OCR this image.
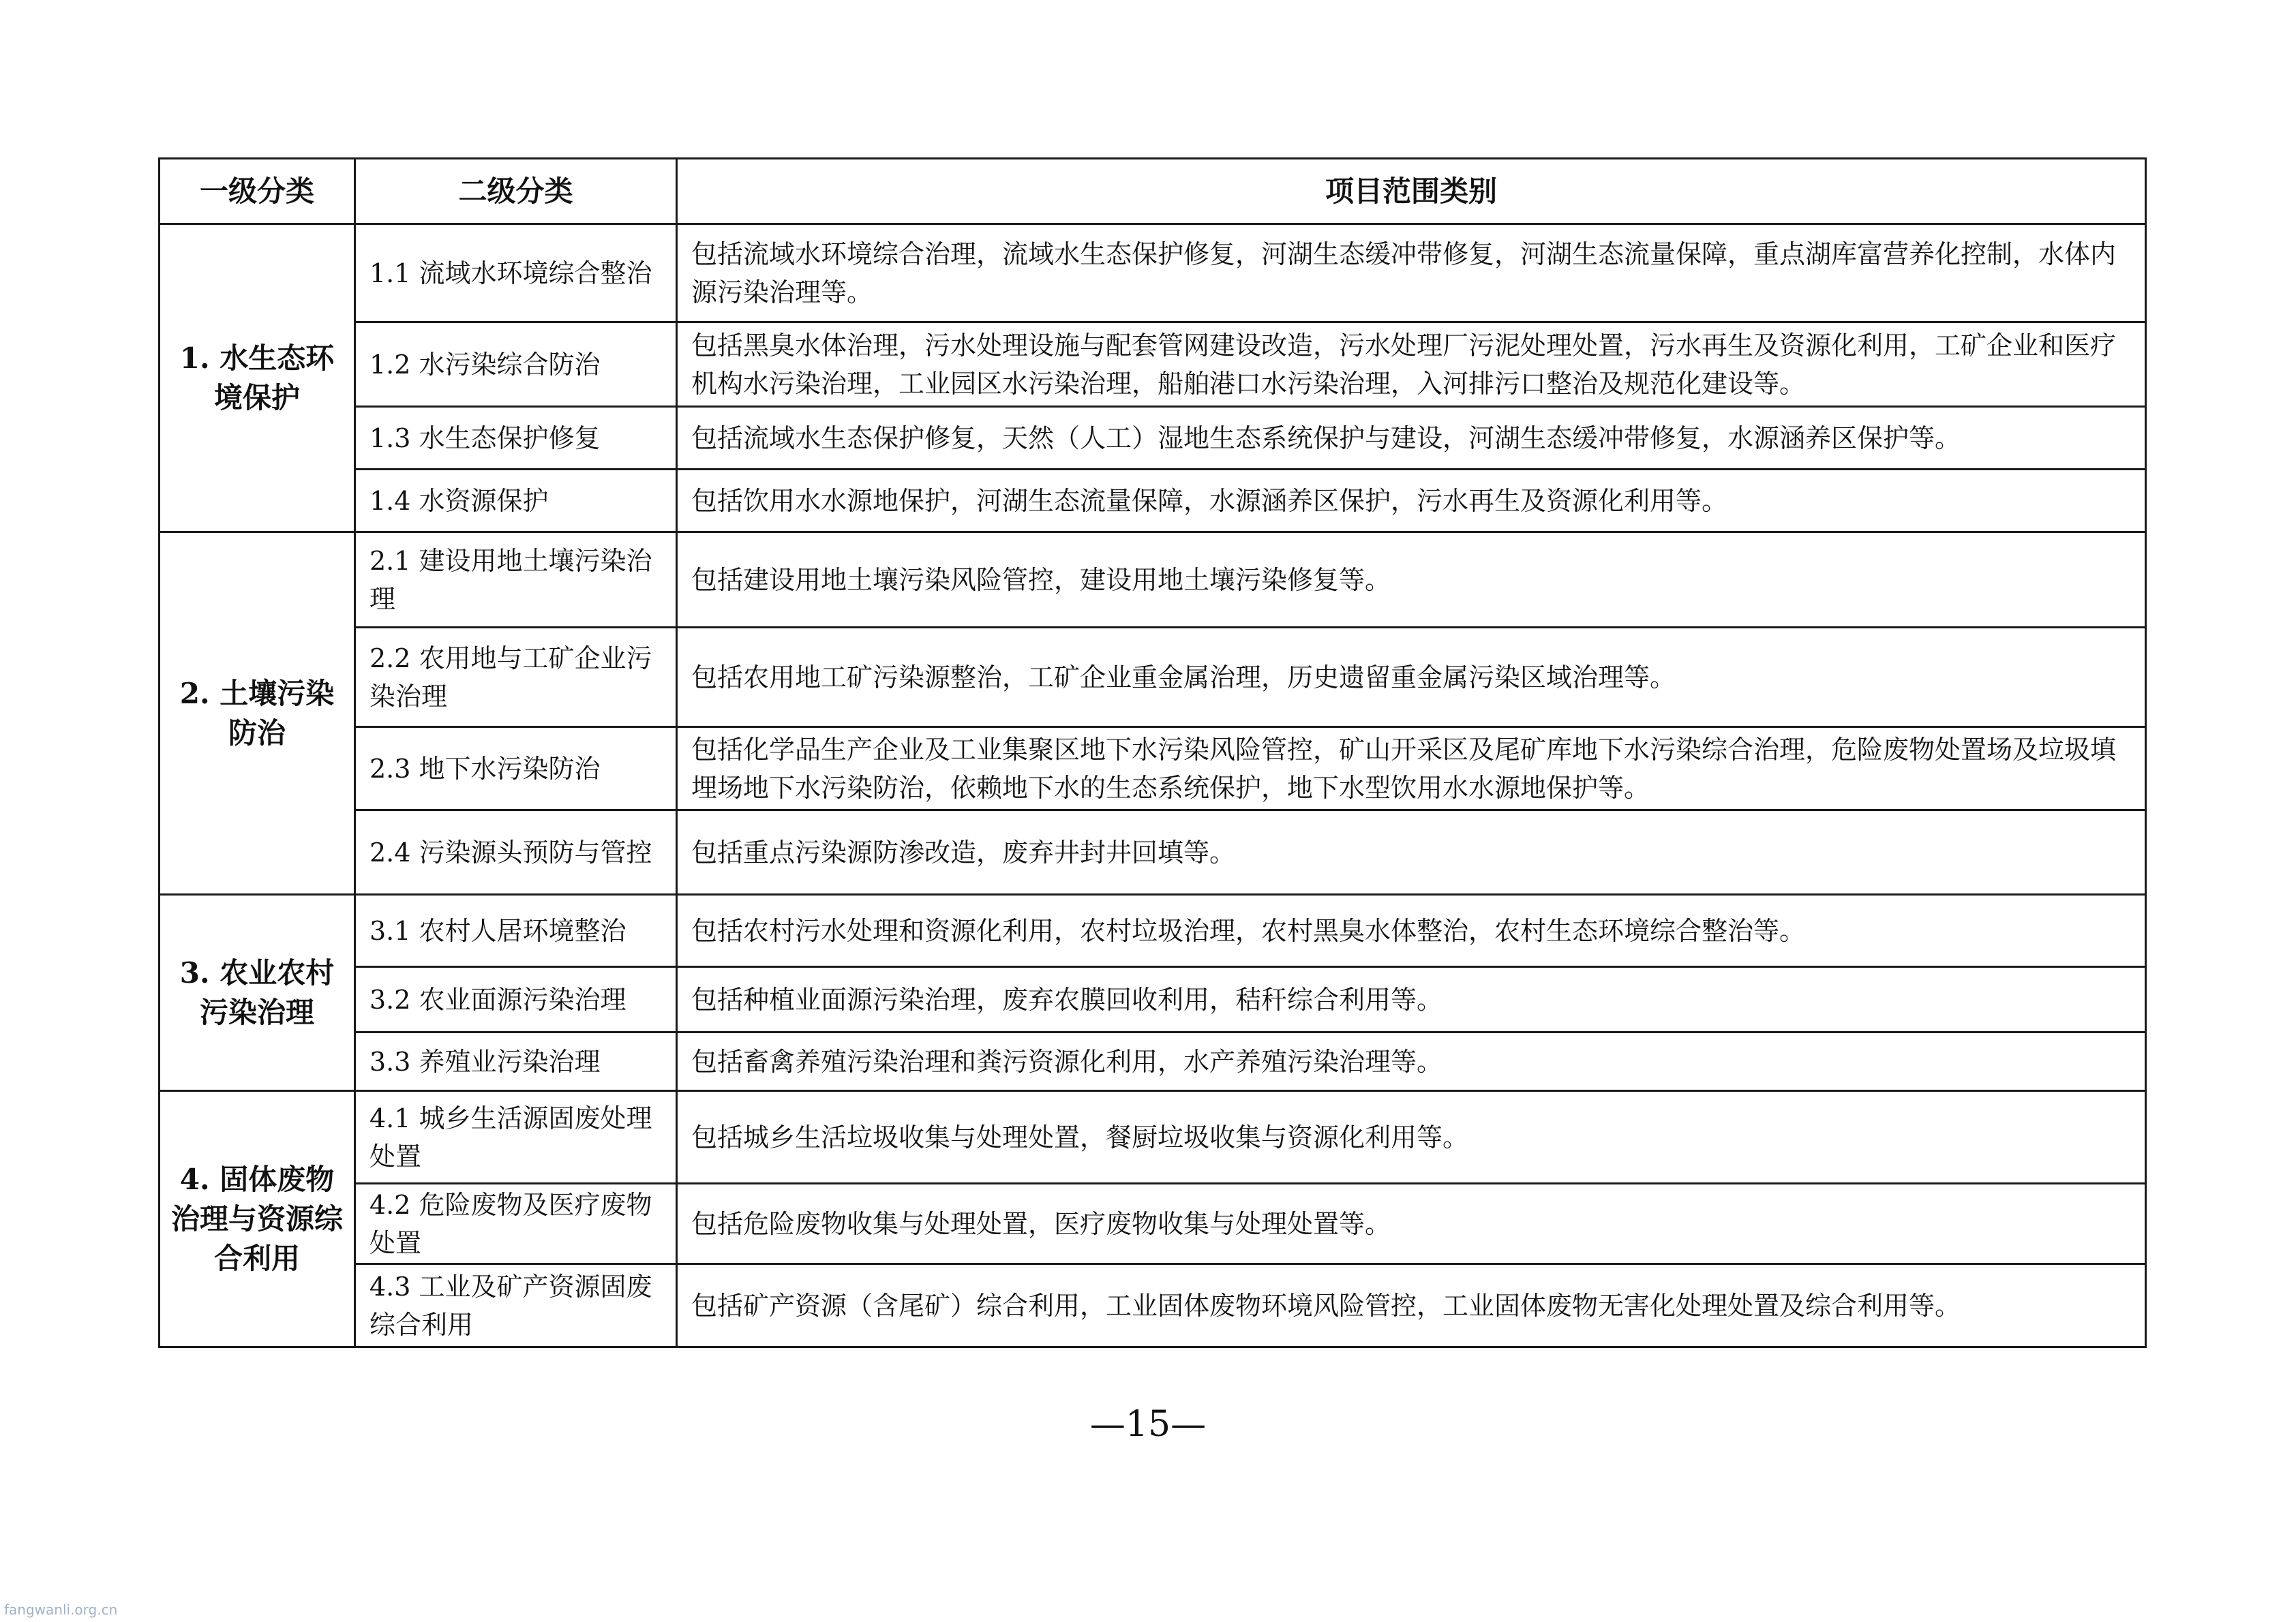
一级分类	二级分类	项目范围类别
1. 水生态环境保护	1.1 流域水环境综合整治	包括流域水环境综合治理，流域水生态保护修复，河湖生态缓冲带修复，河湖生态流量保障，重点湖库富营养化控制，水体内源污染治理等。
	1.2 水污染综合防治	包括黑臭水体治理，污水处理设施与配套管网建设改造，污水处理厂污泥处理处置，污水再生及资源化利用，工矿企业和医疗机构水污染治理，工业园区水污染治理，船舶港口水污染治理，入河排污口整治及规范化建设等。
	1.3 水生态保护修复	包括流域水生态保护修复，天然（人工）湿地生态系统保护与建设，河湖生态缓冲带修复，水源涵养区保护等。
	1.4 水资源保护	包括饮用水水源地保护，河湖生态流量保障，水源涵养区保护，污水再生及资源化利用等。
2. 土壤污染防治	2.1 建设用地土壤污染治理	包括建设用地土壤污染风险管控，建设用地土壤污染修复等。
	2.2 农用地与工矿企业污染治理	包括农用地工矿污染源整治，工矿企业重金属治理，历史遗留重金属污染区域治理等。
	2.3 地下水污染防治	包括化学品生产企业及工业集聚区地下水污染风险管控，矿山开采区及尾矿库地下水污染综合治理，危险废物处置场及垃圾填埋场地下水污染防治，依赖地下水的生态系统保护，地下水型饮用水水源地保护等。
	2.4 污染源头预防与管控	包括重点污染源防渗改造，废弃井封井回填等。
3. 农业农村污染治理	3.1 农村人居环境整治	包括农村污水处理和资源化利用，农村垃圾治理，农村黑臭水体整治，农村生态环境综合整治等。
	3.2 农业面源污染治理	包括种植业面源污染治理，废弃农膜回收利用，秸秆综合利用等。
	3.3 养殖业污染治理	包括畜禽养殖污染治理和粪污资源化利用，水产养殖污染治理等。
4. 固体废物治理与资源综合利用	4.1 城乡生活源固废处理处置	包括城乡生活垃圾收集与处理处置，餐厨垃圾收集与资源化利用等。
	4.2 危险废物及医疗废物处置	包括危险废物收集与处理处置，医疗废物收集与处理处置等。
	4.3 工业及矿产资源固废综合利用	包括矿产资源（含尾矿）综合利用，工业固体废物环境风险管控，工业固体废物无害化处理处置及综合利用等。
—15—
fangwanli.org.cn
